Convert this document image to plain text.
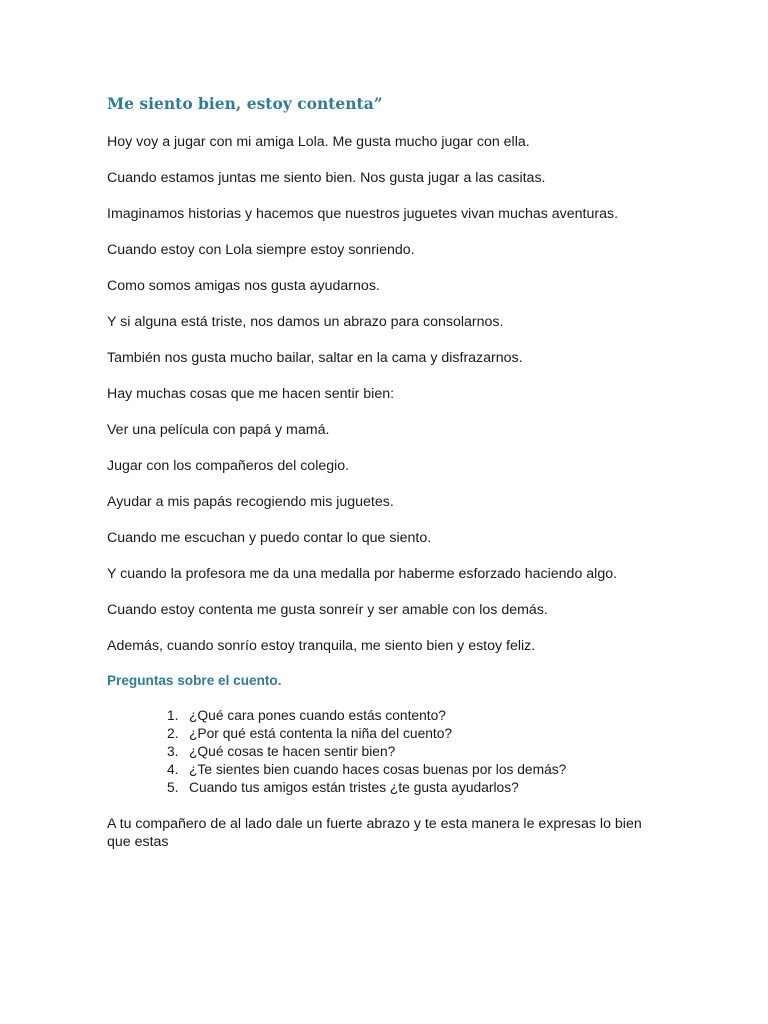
Me siento bien, estoy contenta”

Hoy voy a jugar con mi amiga Lola. Me gusta mucho jugar con ella.

Cuando estamos juntas me siento bien. Nos gusta jugar a las casitas.

Imaginamos historias y hacemos que nuestros juguetes vivan muchas aventuras.

Cuando estoy con Lola siempre estoy sonriendo.

Como somos amigas nos gusta ayudarnos.

Y si alguna está triste, nos damos un abrazo para consolarnos.

También nos gusta mucho bailar, saltar en la cama y disfrazarnos.

Hay muchas cosas que me hacen sentir bien:

Ver una película con papá y mamá.

Jugar con los compañeros del colegio.

Ayudar a mis papás recogiendo mis juguetes.

Cuando me escuchan y puedo contar lo que siento.

Y cuando la profesora me da una medalla por haberme esforzado haciendo algo.

Cuando estoy contenta me gusta sonreír y ser amable con los demás.

Además, cuando sonrío estoy tranquila, me siento bien y estoy feliz.

Preguntas sobre el cuento.
1. ¿Qué cara pones cuando estás contento?
2. ¿Por qué está contenta la niña del cuento?
3. ¿Qué cosas te hacen sentir bien?
4. ¿Te sientes bien cuando haces cosas buenas por los demás?
5. Cuando tus amigos están tristes ¿te gusta ayudarlos?

A tu compañero de al lado dale un fuerte abrazo y te esta manera le expresas lo bien que estas
